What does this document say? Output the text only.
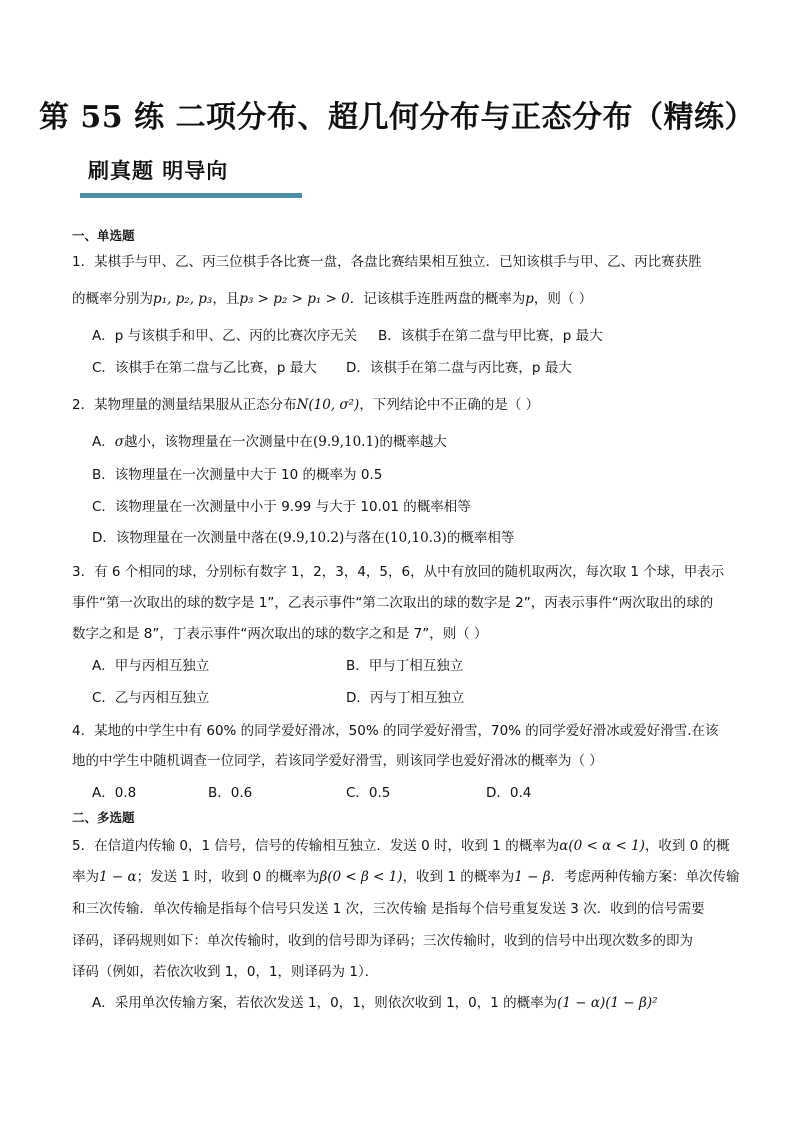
第 55 练 二项分布、超几何分布与正态分布（精练）
刷真题 明导向
一、单选题
1．某棋手与甲、乙、丙三位棋手各比赛一盘，各盘比赛结果相互独立．已知该棋手与甲、乙、丙比赛获胜
的概率分别为p₁, p₂, p₃，且p₃ > p₂ > p₁ > 0．记该棋手连胜两盘的概率为p，则（ ）
A．p 与该棋手和甲、乙、丙的比赛次序无关 B．该棋手在第二盘与甲比赛，p 最大
C．该棋手在第二盘与乙比赛，p 最大 D．该棋手在第二盘与丙比赛，p 最大
2．某物理量的测量结果服从正态分布N(10, σ²)，下列结论中不正确的是（ ）
A．σ越小，该物理量在一次测量中在(9.9,10.1)的概率越大
B．该物理量在一次测量中大于 10 的概率为 0.5
C．该物理量在一次测量中小于 9.99 与大于 10.01 的概率相等
D．该物理量在一次测量中落在(9.9,10.2)与落在(10,10.3)的概率相等
3．有 6 个相同的球，分别标有数字 1，2，3，4，5，6，从中有放回的随机取两次，每次取 1 个球，甲表示
事件“第一次取出的球的数字是 1”，乙表示事件“第二次取出的球的数字是 2”，丙表示事件“两次取出的球的
数字之和是 8”，丁表示事件“两次取出的球的数字之和是 7”，则（ ）
A．甲与丙相互独立	B．甲与丁相互独立
C．乙与丙相互独立	D．丙与丁相互独立
4．某地的中学生中有 60% 的同学爱好滑冰，50% 的同学爱好滑雪，70% 的同学爱好滑冰或爱好滑雪.在该
地的中学生中随机调查一位同学，若该同学爱好滑雪，则该同学也爱好滑冰的概率为（ ）
A．0.8	B．0.6	C．0.5	D．0.4
二、多选题
5．在信道内传输 0，1 信号，信号的传输相互独立．发送 0 时，收到 1 的概率为α(0 < α < 1)，收到 0 的概
率为1 − α；发送 1 时，收到 0 的概率为β(0 < β < 1)，收到 1 的概率为1 − β．考虑两种传输方案：单次传输
和三次传输．单次传输是指每个信号只发送 1 次，三次传输 是指每个信号重复发送 3 次．收到的信号需要
译码，译码规则如下：单次传输时，收到的信号即为译码；三次传输时，收到的信号中出现次数多的即为
译码（例如，若依次收到 1，0，1，则译码为 1）．
A．采用单次传输方案，若依次发送 1，0，1，则依次收到 1，0，1 的概率为(1 − α)(1 − β)²
